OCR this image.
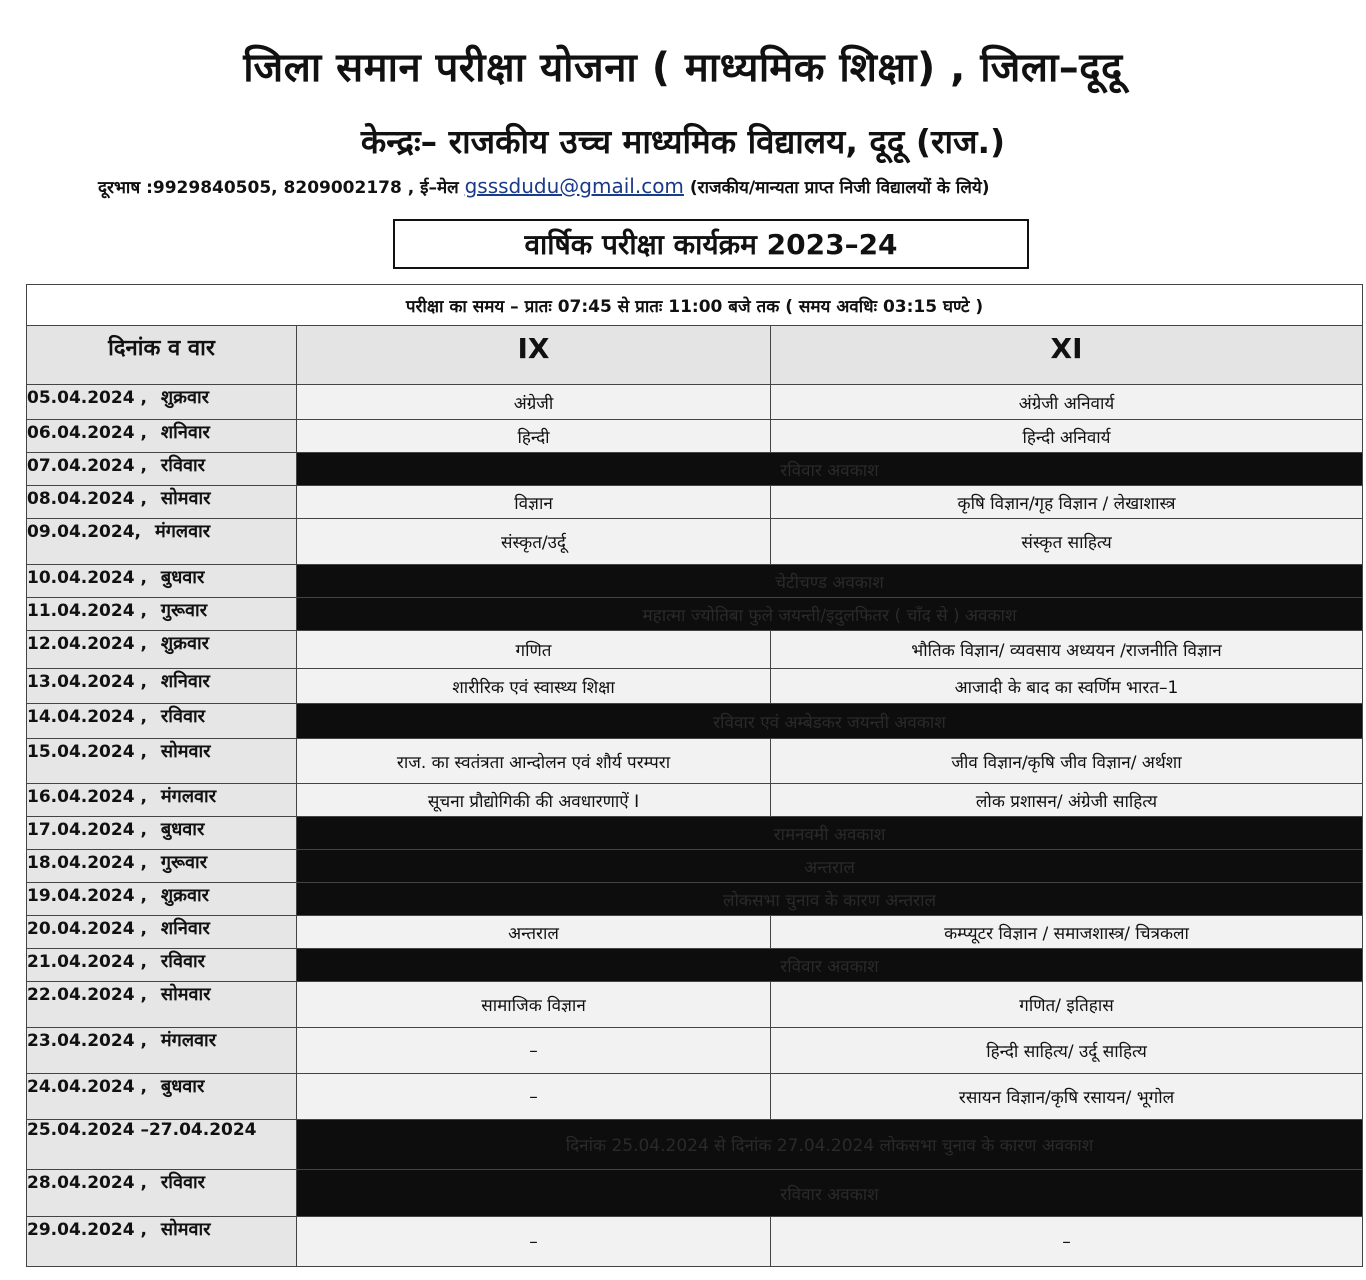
जिला समान परीक्षा योजना ( माध्यमिक शिक्षा) , जिला–दूदू
केन्द्रः– राजकीय उच्च माध्यमिक विद्यालय, दूदू (राज.)
दूरभाष :9929840505, 8209002178 , ई–मेल gsssdudu@gmail.com (राजकीय/मान्यता प्राप्त निजी विद्यालयों के लिये)
वार्षिक परीक्षा कार्यक्रम 2023–24
परीक्षा का समय – प्रातः 07:45 से प्रातः 11:00 बजे तक ( समय अवधिः 03:15 घण्टे )		
दिनांक व वार	IX	XI
05.04.2024 , शुक्रवार	अंग्रेजी	अंग्रेजी अनिवार्य
06.04.2024 , शनिवार	हिन्दी	हिन्दी अनिवार्य
07.04.2024 , रविवार	रविवार अवकाश	
08.04.2024 , सोमवार	विज्ञान	कृषि विज्ञान/गृह विज्ञान / लेखाशास्त्र
09.04.2024, मंगलवार	संस्कृत/उर्दू	संस्कृत साहित्य
10.04.2024 , बुधवार	चेटीचण्ड अवकाश	
11.04.2024 , गुरूवार	महात्मा ज्योतिबा फुले जयन्ती/इदुलफितर ( चाँद से ) अवकाश	
12.04.2024 , शुक्रवार	गणित	भौतिक विज्ञान/ व्यवसाय अध्ययन /राजनीति विज्ञान
13.04.2024 , शनिवार	शारीरिक एवं स्वास्थ्य शिक्षा	आजादी के बाद का स्वर्णिम भारत–1
14.04.2024 , रविवार	रविवार एवं अम्बेडकर जयन्ती अवकाश	
15.04.2024 , सोमवार	राज. का स्वतंत्रता आन्दोलन एवं शौर्य परम्परा	जीव विज्ञान/कृषि जीव विज्ञान/ अर्थशा
16.04.2024 , मंगलवार	सूचना प्रौद्योगिकी की अवधारणाऐं I	लोक प्रशासन/ अंग्रेजी साहित्य
17.04.2024 , बुधवार	रामनवमी अवकाश	
18.04.2024 , गुरूवार	अन्तराल	
19.04.2024 , शुक्रवार	लोकसभा चुनाव के कारण अन्तराल	
20.04.2024 , शनिवार	अन्तराल	कम्प्यूटर विज्ञान / समाजशास्त्र/ चित्रकला
21.04.2024 , रविवार	रविवार अवकाश	
22.04.2024 , सोमवार	सामाजिक विज्ञान	गणित/ इतिहास
23.04.2024 , मंगलवार	–	हिन्दी साहित्य/ उर्दू साहित्य
24.04.2024 , बुधवार	–	रसायन विज्ञान/कृषि रसायन/ भूगोल
25.04.2024 –27.04.2024	दिनांक 25.04.2024 से दिनांक 27.04.2024 लोकसभा चुनाव के कारण अवकाश	
28.04.2024 , रविवार	रविवार अवकाश	
29.04.2024 , सोमवार	–	–
